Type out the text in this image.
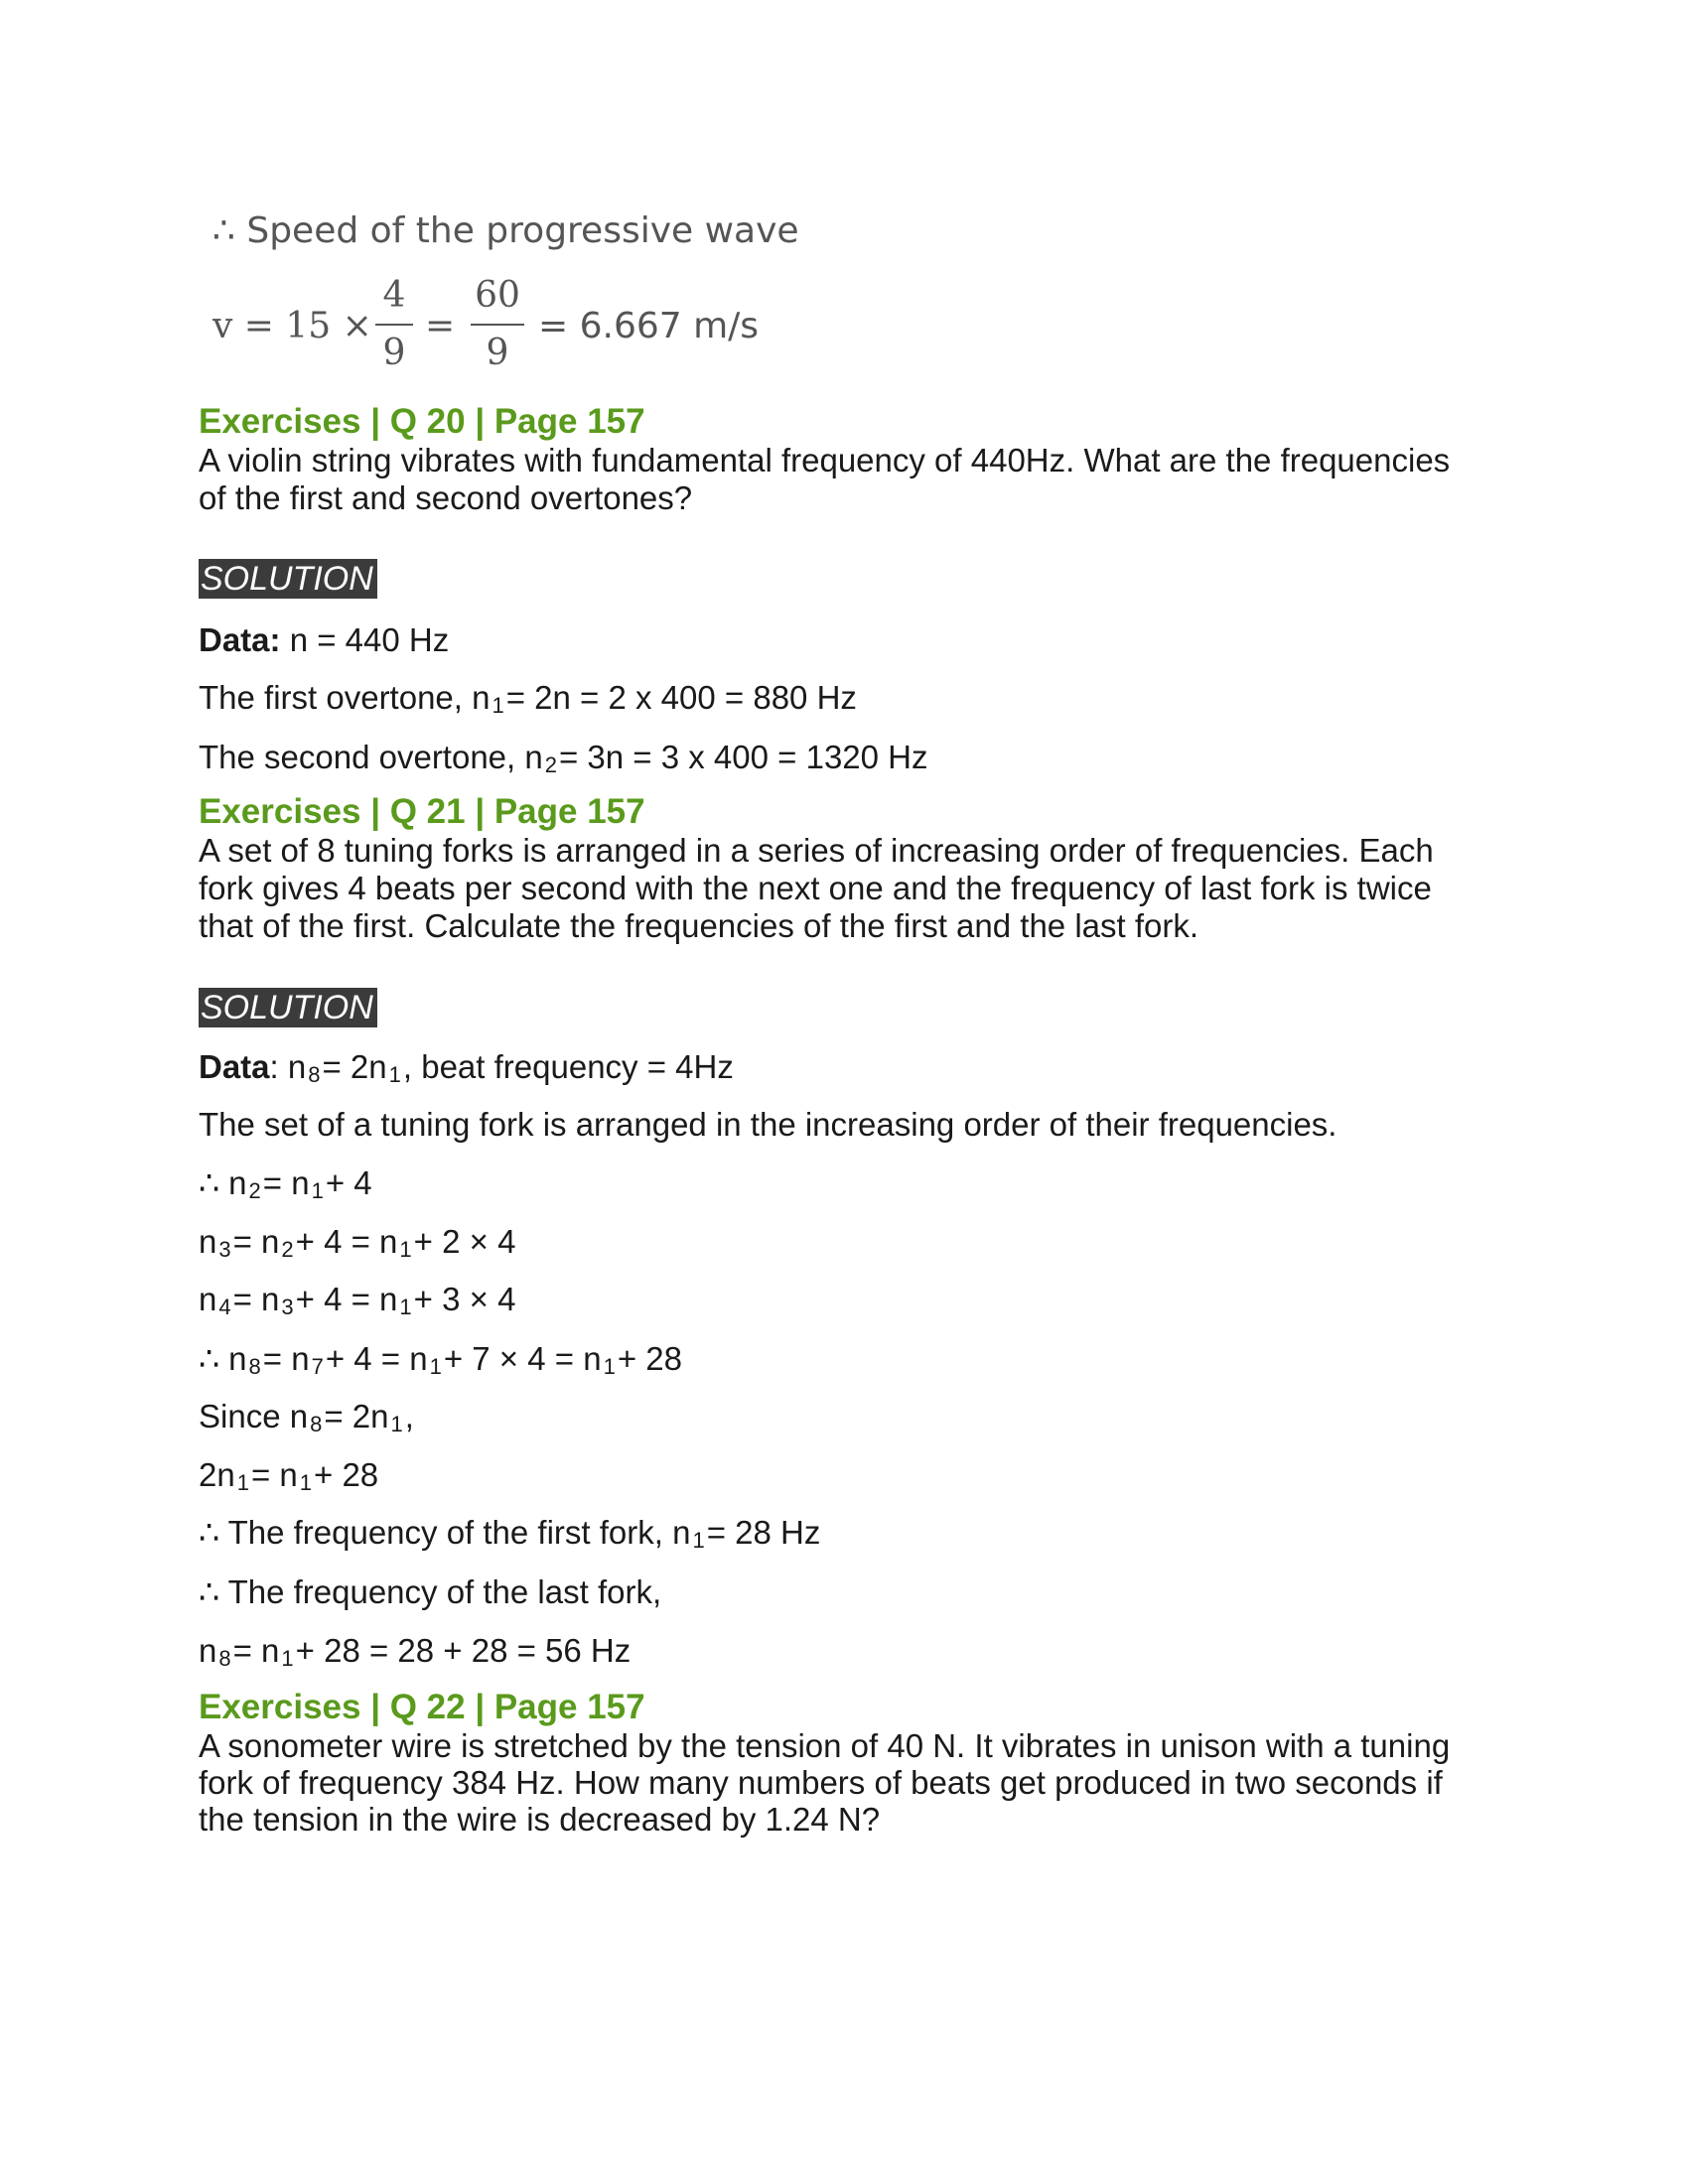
∴ Speed of the progressive wave
v = 15 ×
4
9
=
60
9
= 6.667 m/s
Exercises | Q 20 | Page 157
A violin string vibrates with fundamental frequency of 440Hz. What are the frequencies
of the first and second overtones?
SOLUTION
Data: n = 440 Hz
The first overtone, n1= 2n = 2 x 400 = 880 Hz
The second overtone, n2= 3n = 3 x 400 = 1320 Hz
Exercises | Q 21 | Page 157
A set of 8 tuning forks is arranged in a series of increasing order of frequencies. Each
fork gives 4 beats per second with the next one and the frequency of last fork is twice
that of the first. Calculate the frequencies of the first and the last fork.
SOLUTION
Data: n8= 2n1, beat frequency = 4Hz
The set of a tuning fork is arranged in the increasing order of their frequencies.
∴ n2= n1+ 4
n3= n2+ 4 = n1+ 2 × 4
n4= n3+ 4 = n1+ 3 × 4
∴ n8= n7+ 4 = n1+ 7 × 4 = n1+ 28
Since n8= 2n1,
2n1= n1+ 28
∴ The frequency of the first fork, n1= 28 Hz
∴ The frequency of the last fork,
n8= n1+ 28 = 28 + 28 = 56 Hz
Exercises | Q 22 | Page 157
A sonometer wire is stretched by the tension of 40 N. It vibrates in unison with a tuning
fork of frequency 384 Hz. How many numbers of beats get produced in two seconds if
the tension in the wire is decreased by 1.24 N?
